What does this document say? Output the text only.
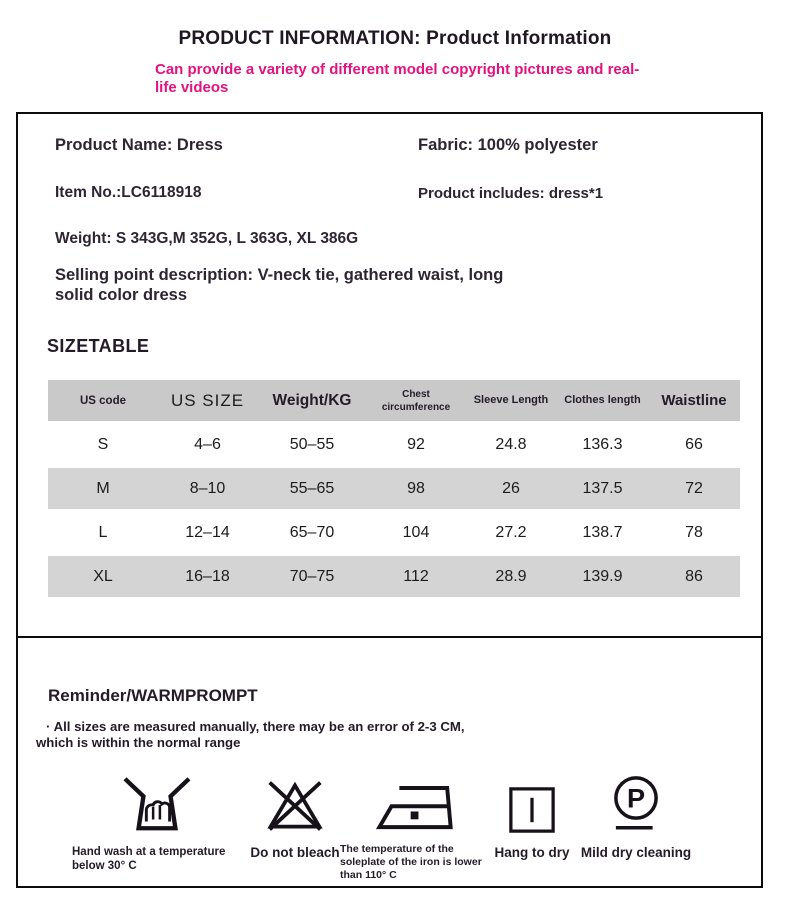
PRODUCT INFORMATION: Product Information
Can provide a variety of different model copyright pictures and real-life videos
Product Name: Dress	Fabric: 100% polyester
Item No.:LC6118918	Product includes: dress*1
Weight: S 343G,M 352G, L 363G, XL 386G
Selling point description: V-neck tie, gathered waist, long solid color dress
SIZETABLE
US code	US SIZE	Weight/KG	Chest circumference	Sleeve Length	Clothes length	Waistline
S	4–6	50–55	92	24.8	136.3	66
M	8–10	55–65	98	26	137.5	72
L	12–14	65–70	104	27.2	138.7	78
XL	16–18	70–75	112	28.9	139.9	86
Reminder/WARMPROMPT
· All sizes are measured manually, there may be an error of 2-3 CM, which is within the normal range
Hand wash at a temperature below 30° C
Do not bleach The temperature of the soleplate of the iron is lower than 110° C
Hang to dry
P
Mild dry cleaning
